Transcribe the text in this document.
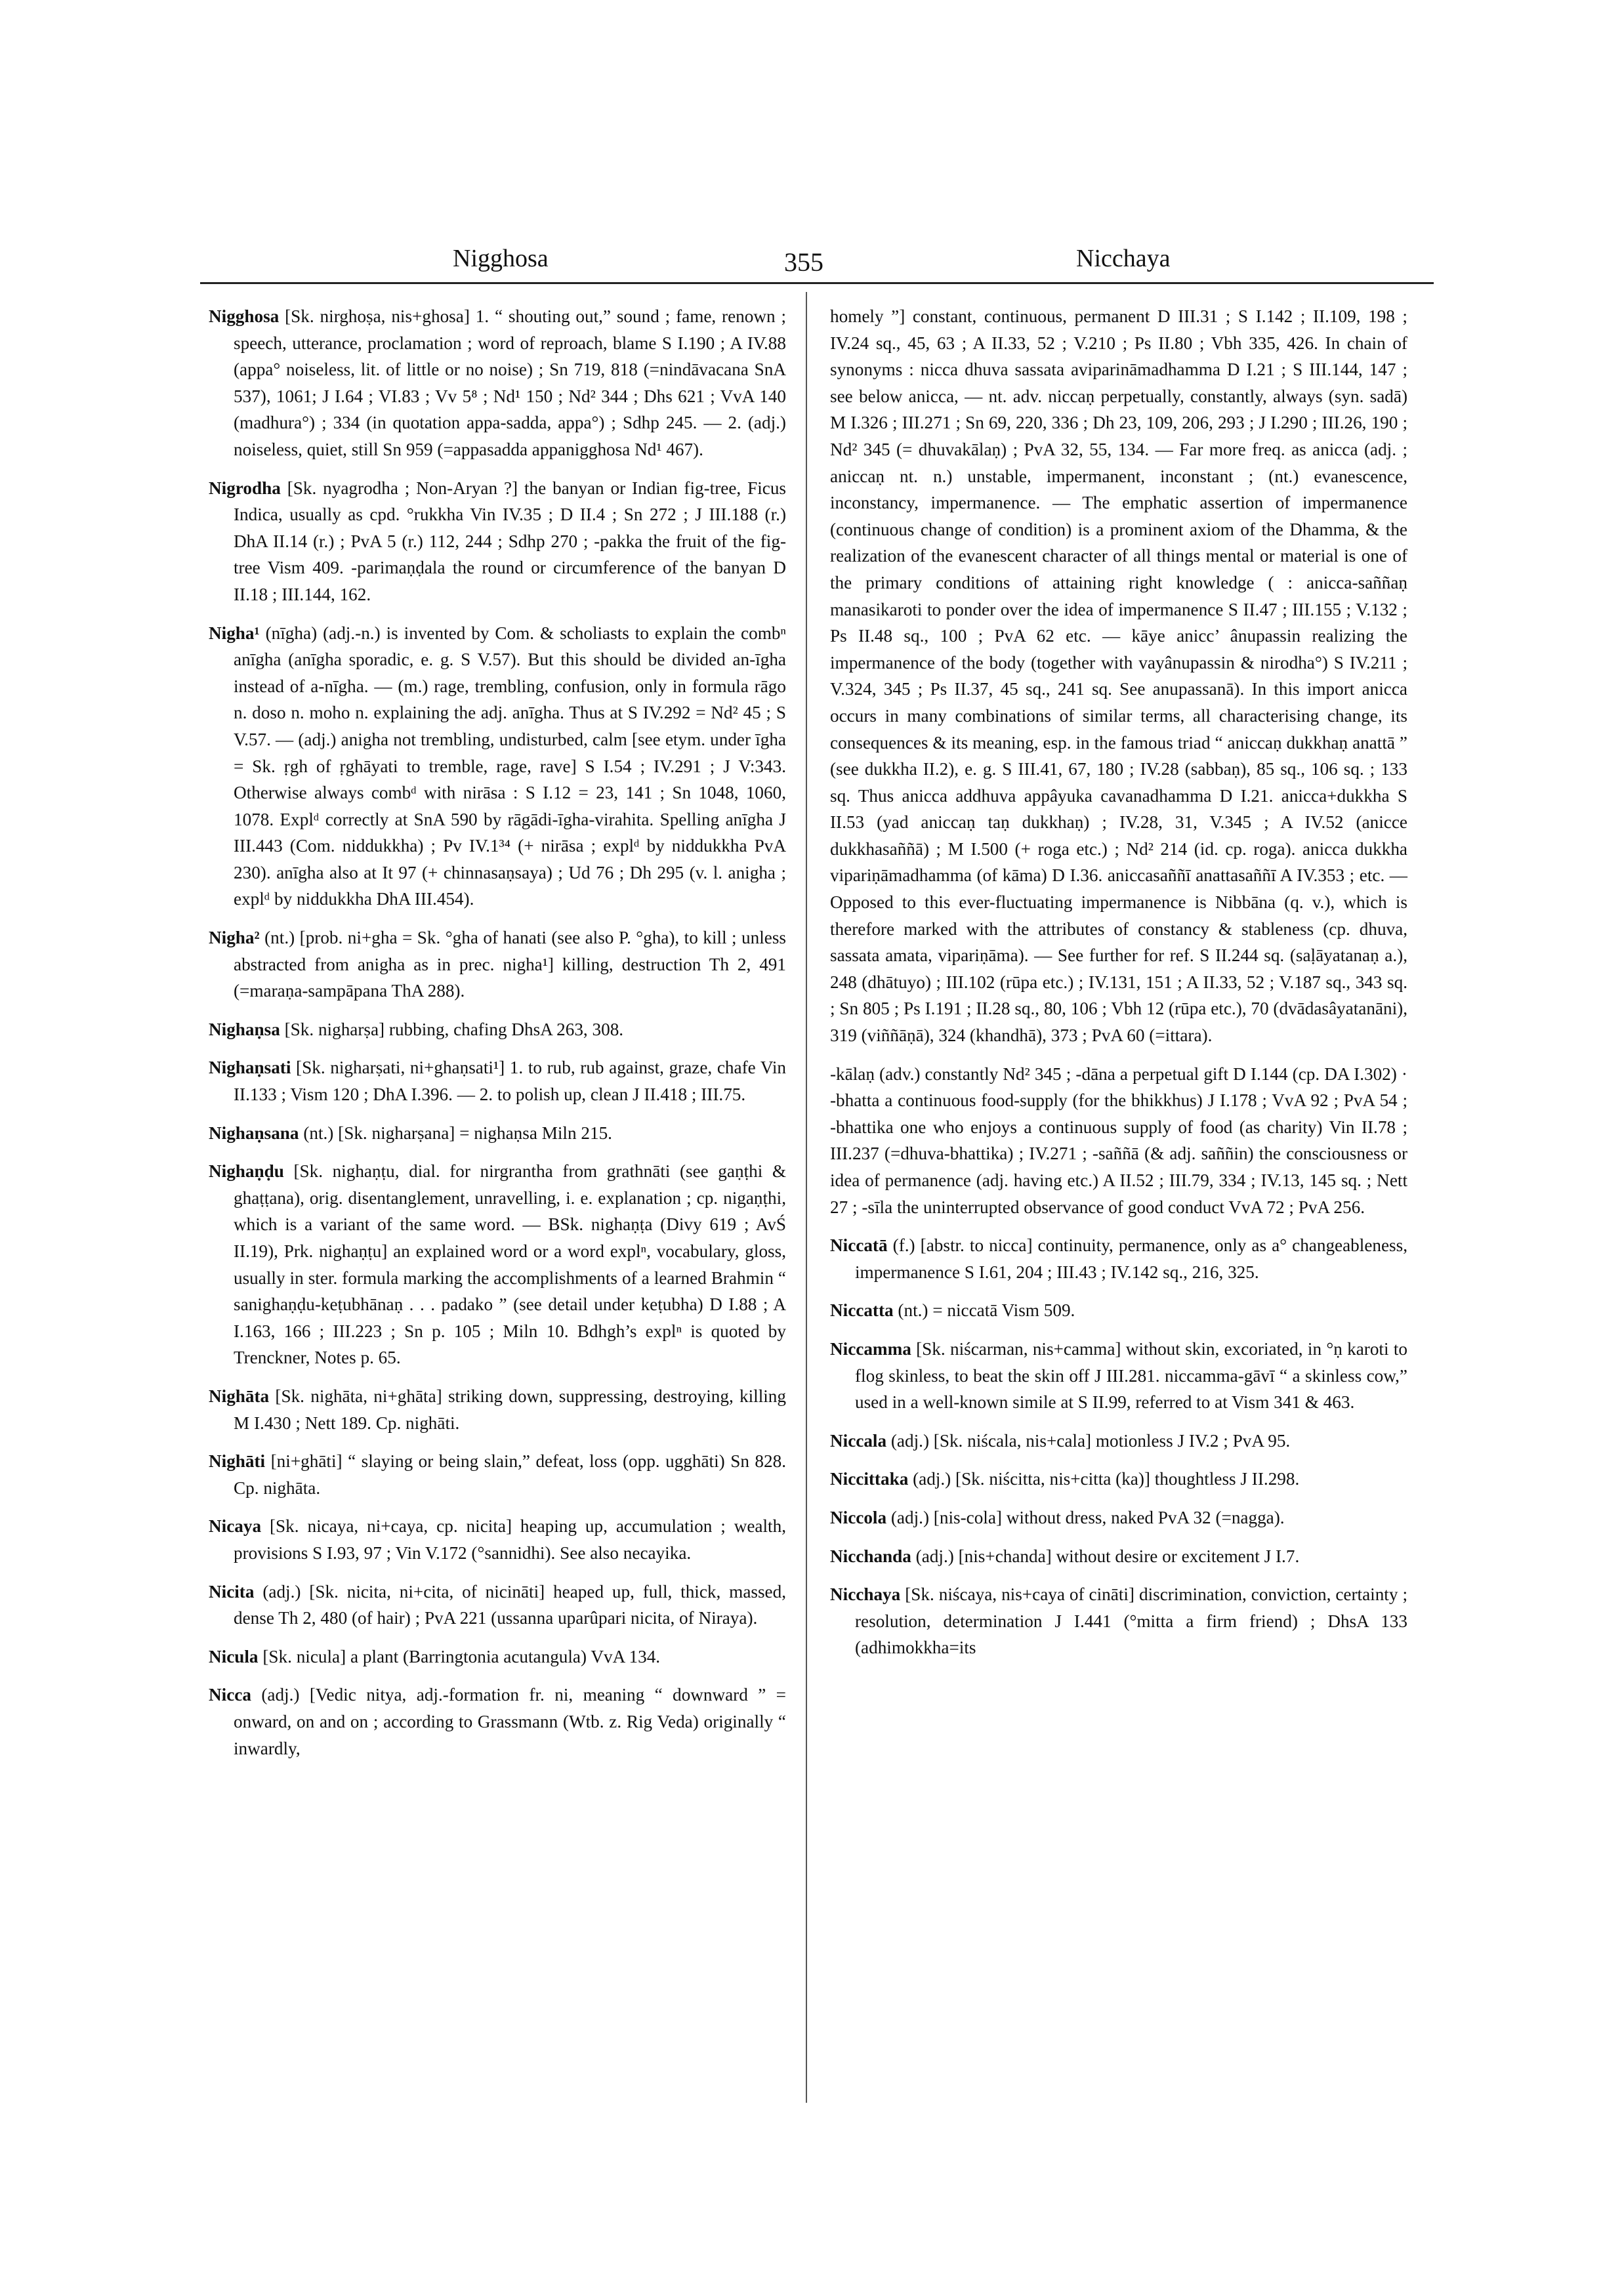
Nigghosa	355	Nicchaya

Nigghosa [Sk. nirghoṣa, nis+ghosa] 1. “ shouting out,” sound ; fame, renown ; speech, utterance, proclamation ; word of reproach, blame S I.190 ; A IV.88 (appa° noiseless, lit. of little or no noise) ; Sn 719, 818 (=nindāvacana SnA 537), 1061; J I.64 ; VI.83 ; Vv 5⁸ ; Nd¹ 150 ; Nd² 344 ; Dhs 621 ; VvA 140 (madhura°) ; 334 (in quotation appa-sadda, appa°) ; Sdhp 245. — 2. (adj.) noiseless, quiet, still Sn 959 (=appasadda appanigghosa Nd¹ 467).

Nigrodha [Sk. nyagrodha ; Non-Aryan ?] the banyan or Indian fig-tree, Ficus Indica, usually as cpd. °rukkha Vin IV.35 ; D II.4 ; Sn 272 ; J III.188 (r.) DhA II.14 (r.) ; PvA 5 (r.) 112, 244 ; Sdhp 270 ; -pakka the fruit of the fig-tree Vism 409. -parimaṇḍala the round or circumference of the banyan D II.18 ; III.144, 162.

Nigha¹ (nīgha) (adj.-n.) is invented by Com. & scholiasts to explain the combⁿ anīgha (anīgha sporadic, e. g. S V.57). But this should be divided an-īgha instead of a-nīgha. — (m.) rage, trembling, confusion, only in formula rāgo n. doso n. moho n. explaining the adj. anīgha. Thus at S IV.292 = Nd² 45 ; S V.57. — (adj.) anigha not trembling, undisturbed, calm [see etym. under īgha = Sk. ṛgh of ṛghāyati to tremble, rage, rave] S I.54 ; IV.291 ; J V:343. Otherwise always combᵈ with nirāsa : S I.12 = 23, 141 ; Sn 1048, 1060, 1078. Explᵈ correctly at SnA 590 by rāgādi-īgha-virahita. Spelling anīgha J III.443 (Com. niddukkha) ; Pv IV.1³⁴ (+ nirāsa ; explᵈ by niddukkha PvA 230). anīgha also at It 97 (+ chinnasaṇsaya) ; Ud 76 ; Dh 295 (v. l. anigha ; explᵈ by niddukkha DhA III.454).

Nigha² (nt.) [prob. ni+gha = Sk. °gha of hanati (see also P. °gha), to kill ; unless abstracted from anigha as in prec. nigha¹] killing, destruction Th 2, 491 (=maraṇa-sampāpana ThA 288).

Nighaṇsa [Sk. nigharṣa] rubbing, chafing DhsA 263, 308.

Nighaṇsati [Sk. nigharṣati, ni+ghaṇsati¹] 1. to rub, rub against, graze, chafe Vin II.133 ; Vism 120 ; DhA I.396. — 2. to polish up, clean J II.418 ; III.75.

Nighaṇsana (nt.) [Sk. nigharṣana] = nighaṇsa Miln 215.

Nighaṇḍu [Sk. nighaṇṭu, dial. for nirgrantha from grathnāti (see gaṇṭhi & ghaṭṭana), orig. disentanglement, unravelling, i. e. explanation ; cp. nigaṇṭhi, which is a variant of the same word. — BSk. nighaṇṭa (Divy 619 ; AvŚ II.19), Prk. nighaṇṭu] an explained word or a word explⁿ, vocabulary, gloss, usually in ster. formula marking the accomplishments of a learned Brahmin “ sanighaṇḍu-keṭubhānaṇ . . . padako ” (see detail under keṭubha) D I.88 ; A I.163, 166 ; III.223 ; Sn p. 105 ; Miln 10. Bdhgh’s explⁿ is quoted by Trenckner, Notes p. 65.

Nighāta [Sk. nighāta, ni+ghāta] striking down, suppressing, destroying, killing M I.430 ; Nett 189. Cp. nighāti.

Nighāti [ni+ghāti] “ slaying or being slain,” defeat, loss (opp. ugghāti) Sn 828. Cp. nighāta.

Nicaya [Sk. nicaya, ni+caya, cp. nicita] heaping up, accumulation ; wealth, provisions S I.93, 97 ; Vin V.172 (°sannidhi). See also necayika.

Nicita (adj.) [Sk. nicita, ni+cita, of nicināti] heaped up, full, thick, massed, dense Th 2, 480 (of hair) ; PvA 221 (ussanna uparûpari nicita, of Niraya).

Nicula [Sk. nicula] a plant (Barringtonia acutangula) VvA 134.

Nicca (adj.) [Vedic nitya, adj.-formation fr. ni, meaning “ downward ” = onward, on and on ; according to Grassmann (Wtb. z. Rig Veda) originally “ inwardly,

homely ”] constant, continuous, permanent D III.31 ; S I.142 ; II.109, 198 ; IV.24 sq., 45, 63 ; A II.33, 52 ; V.210 ; Ps II.80 ; Vbh 335, 426. In chain of synonyms : nicca dhuva sassata aviparināmadhamma D I.21 ; S III.144, 147 ; see below anicca, — nt. adv. niccaṇ perpetually, constantly, always (syn. sadā) M I.326 ; III.271 ; Sn 69, 220, 336 ; Dh 23, 109, 206, 293 ; J I.290 ; III.26, 190 ; Nd² 345 (= dhuvakālaṇ) ; PvA 32, 55, 134. — Far more freq. as anicca (adj. ; aniccaṇ nt. n.) unstable, impermanent, inconstant ; (nt.) evanescence, inconstancy, impermanence. — The emphatic assertion of impermanence (continuous change of condition) is a prominent axiom of the Dhamma, & the realization of the evanescent character of all things mental or material is one of the primary conditions of attaining right knowledge ( : anicca-saññaṇ manasikaroti to ponder over the idea of impermanence S II.47 ; III.155 ; V.132 ; Ps II.48 sq., 100 ; PvA 62 etc. — kāye anicc’ ânupassin realizing the impermanence of the body (together with vayânupassin & nirodha°) S IV.211 ; V.324, 345 ; Ps II.37, 45 sq., 241 sq. See anupassanā). In this import anicca occurs in many combinations of similar terms, all characterising change, its consequences & its meaning, esp. in the famous triad “ aniccaṇ dukkhaṇ anattā ” (see dukkha II.2), e. g. S III.41, 67, 180 ; IV.28 (sabbaṇ), 85 sq., 106 sq. ; 133 sq. Thus anicca addhuva appâyuka cavanadhamma D I.21. anicca+dukkha S II.53 (yad aniccaṇ taṇ dukkhaṇ) ; IV.28, 31, V.345 ; A IV.52 (anicce dukkhasaññā) ; M I.500 (+ roga etc.) ; Nd² 214 (id. cp. roga). anicca dukkha vipariṇāmadhamma (of kāma) D I.36. aniccasaññī anattasaññī A IV.353 ; etc. — Opposed to this ever-fluctuating impermanence is Nibbāna (q. v.), which is therefore marked with the attributes of constancy & stableness (cp. dhuva, sassata amata, vipariṇāma). — See further for ref. S II.244 sq. (saḷāyatanaṇ a.), 248 (dhātuyo) ; III.102 (rūpa etc.) ; IV.131, 151 ; A II.33, 52 ; V.187 sq., 343 sq. ; Sn 805 ; Ps I.191 ; II.28 sq., 80, 106 ; Vbh 12 (rūpa etc.), 70 (dvādasâyatanāni), 319 (viññāṇā), 324 (khandhā), 373 ; PvA 60 (=ittara).

-kālaṇ (adv.) constantly Nd² 345 ; -dāna a perpetual gift D I.144 (cp. DA I.302) · -bhatta a continuous food-supply (for the bhikkhus) J I.178 ; VvA 92 ; PvA 54 ; -bhattika one who enjoys a continuous supply of food (as charity) Vin II.78 ; III.237 (=dhuva-bhattika) ; IV.271 ; -saññā (& adj. saññin) the consciousness or idea of permanence (adj. having etc.) A II.52 ; III.79, 334 ; IV.13, 145 sq. ; Nett 27 ; -sīla the uninterrupted observance of good conduct VvA 72 ; PvA 256.

Niccatā (f.) [abstr. to nicca] continuity, permanence, only as a° changeableness, impermanence S I.61, 204 ; III.43 ; IV.142 sq., 216, 325.

Niccatta (nt.) = niccatā Vism 509.

Niccamma [Sk. niścarman, nis+camma] without skin, excoriated, in °ṇ karoti to flog skinless, to beat the skin off J III.281. niccamma-gāvī “ a skinless cow,” used in a well-known simile at S II.99, referred to at Vism 341 & 463.

Niccala (adj.) [Sk. niścala, nis+cala] motionless J IV.2 ; PvA 95.

Niccittaka (adj.) [Sk. niścitta, nis+citta (ka)] thoughtless J II.298.

Niccola (adj.) [nis-cola] without dress, naked PvA 32 (=nagga).

Nicchanda (adj.) [nis+chanda] without desire or excitement J I.7.

Nicchaya [Sk. niścaya, nis+caya of cināti] discrimination, conviction, certainty ; resolution, determination J I.441 (°mitta a firm friend) ; DhsA 133 (adhimokkha=its
